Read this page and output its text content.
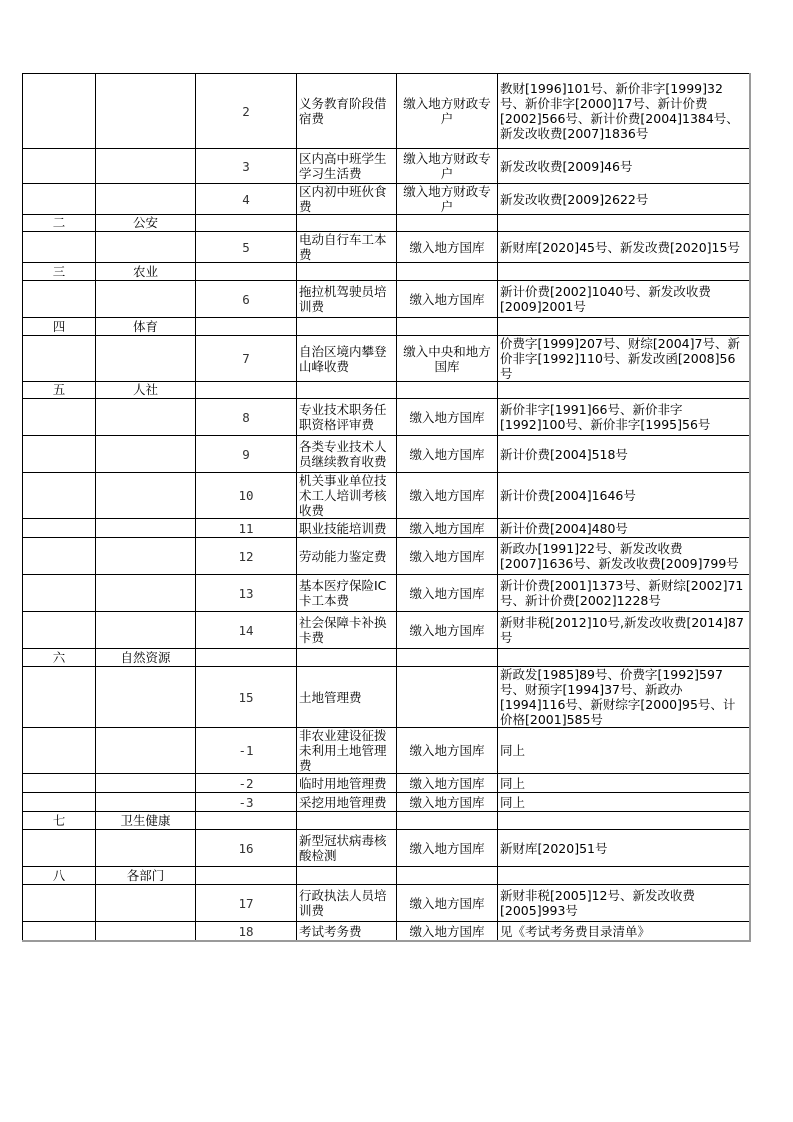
		2	义务教育阶段借宿费	缴入地方财政专户	教财[1996]101号、新价非字[1999]32号、新价非字[2000]17号、新计价费[2002]566号、新计价费[2004]1384号、新发改收费[2007]1836号
		3	区内高中班学生学习生活费	缴入地方财政专户	新发改收费[2009]46号
		4	区内初中班伙食费	缴入地方财政专户	新发改收费[2009]2622号
二	公安				
		5	电动自行车工本费	缴入地方国库	新财库[2020]45号、新发改费[2020]15号
三	农业				
		6	拖拉机驾驶员培训费	缴入地方国库	新计价费[2002]1040号、新发改收费[2009]2001号
四	体育				
		7	自治区境内攀登山峰收费	缴入中央和地方国库	价费字[1999]207号、财综[2004]7号、新价非字[1992]110号、新发改函[2008]56号
五	人社				
		8	专业技术职务任职资格评审费	缴入地方国库	新价非字[1991]66号、新价非字[1992]100号、新价非字[1995]56号
		9	各类专业技术人员继续教育收费	缴入地方国库	新计价费[2004]518号
		10	机关事业单位技术工人培训考核收费	缴入地方国库	新计价费[2004]1646号
		11	职业技能培训费	缴入地方国库	新计价费[2004]480号
		12	劳动能力鉴定费	缴入地方国库	新政办[1991]22号、新发改收费[2007]1636号、新发改收费[2009]799号
		13	基本医疗保险IC卡工本费	缴入地方国库	新计价费[2001]1373号、新财综[2002]71号、新计价费[2002]1228号
		14	社会保障卡补换卡费	缴入地方国库	新财非税[2012]10号,新发改收费[2014]87号
六	自然资源				
		15	土地管理费		新政发[1985]89号、价费字[1992]597号、财预字[1994]37号、新政办[1994]116号、新财综字[2000]95号、计价格[2001]585号
		-1	非农业建设征拨未利用土地管理费	缴入地方国库	同上
		-2	临时用地管理费	缴入地方国库	同上
		-3	采挖用地管理费	缴入地方国库	同上
七	卫生健康				
		16	新型冠状病毒核酸检测	缴入地方国库	新财库[2020]51号
八	各部门				
		17	行政执法人员培训费	缴入地方国库	新财非税[2005]12号、新发改收费[2005]993号
		18	考试考务费	缴入地方国库	见《考试考务费目录清单》
